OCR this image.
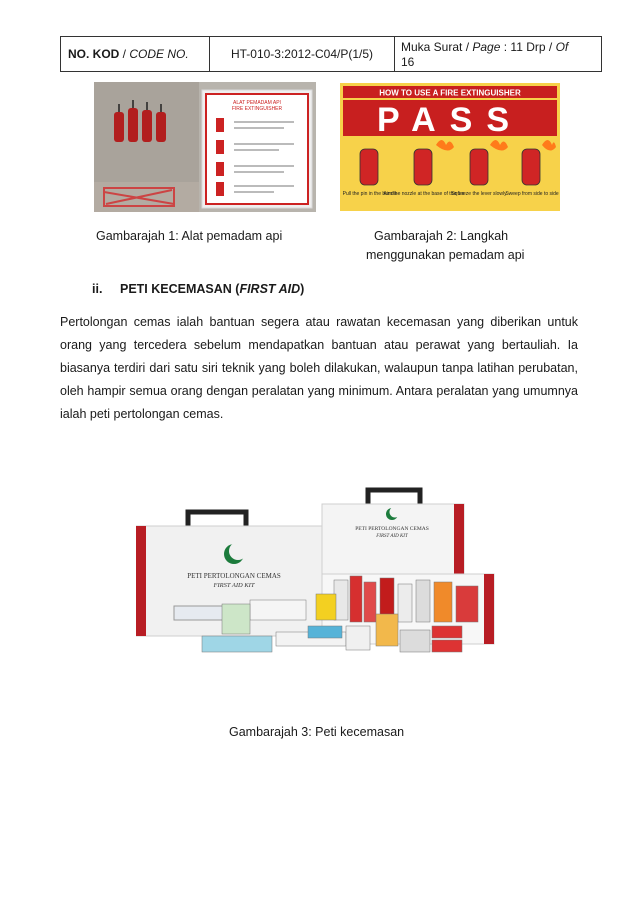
NO. KOD / CODE NO.	HT-010-3:2012-C04/P(1/5)	Muka Surat / Page : 11 Drp / Of
16
ALAT PEMADAM API
FIRE EXTINGUISHER
HOW TO USE A FIRE EXTINGUISHER
PASS
Pull the pin in the handle
Aim the nozzle at the base of the fire
Squeeze the lever slowly
Sweep from side to side
Gambarajah 1: Alat pemadam api	Gambarajah 2: Langkah
menggunakan pemadam api
ii. PETI KECEMASAN (FIRST AID)
Pertolongan cemas ialah bantuan segera atau rawatan kecemasan yang diberikan untuk orang yang tercedera sebelum mendapatkan bantuan atau perawat yang bertauliah. Ia biasanya terdiri dari satu siri teknik yang boleh dilakukan, walaupun tanpa latihan perubatan, oleh hampir semua orang dengan peralatan yang minimum. Antara peralatan yang umumnya ialah peti pertolongan cemas.
PETI PERTOLONGAN CEMAS
FIRST AID KIT
PETI PERTOLONGAN CEMAS
FIRST AID KIT
Gambarajah 3: Peti kecemasan
